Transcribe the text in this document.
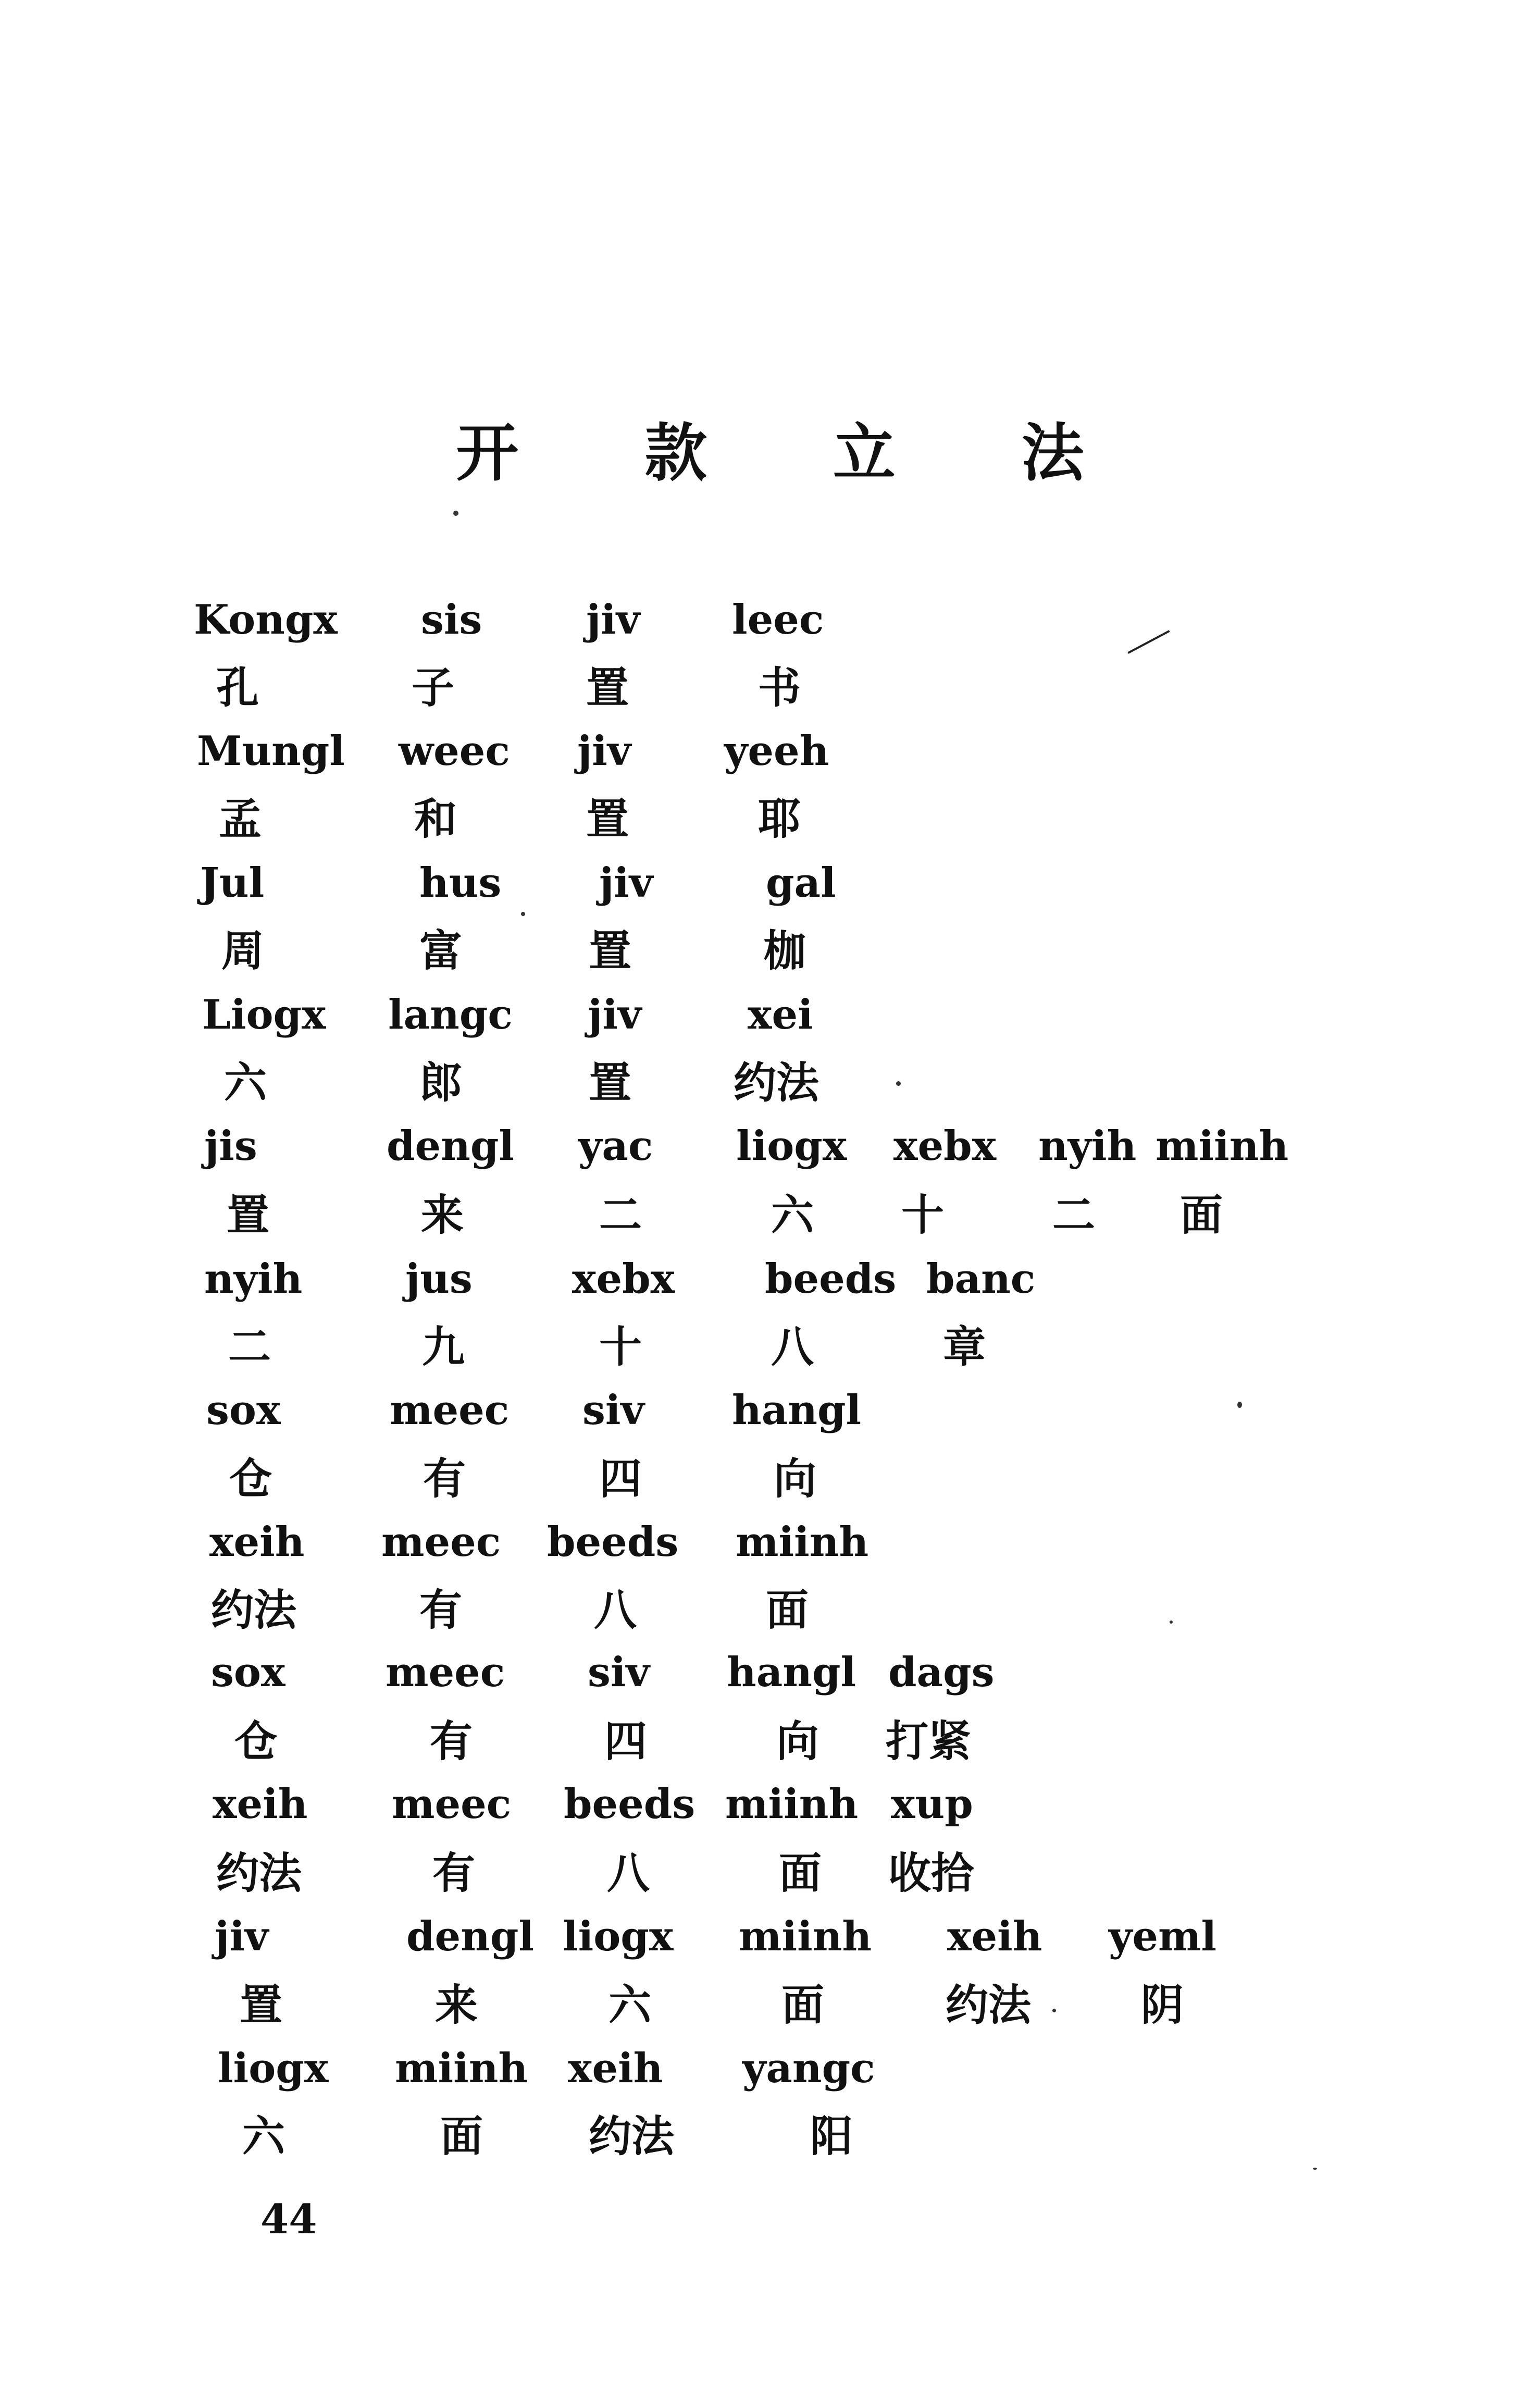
开 款 立 法
Kongx sis	jiv leec
孔	子	置	书
Mungl weec jiv yeeh
孟	和	置	耶
Jul	hus jiv	gal
周	富	置	枷
Liogx langc jiv	xei
六	郎	置 约法
jis	dengl yac liogx xebx nyih miinh
置	来	二	六 十	二 面
nyih	jus xebx beeds banc
二	九	十	八	章
sox	meec siv hangl
仓	有	四	向
xeih meec beeds miinh
约法	有	八	面
sox meec siv hangl dags
仓	有	四	向 打紧
xeih meec beeds miinh xup
约法	有	八	面 收拾
jiv	dengl liogx miinh xeih yeml
置	来	六	面	约法	阴
liogx miinh xeih yangc
六	面 约法	阳
44
